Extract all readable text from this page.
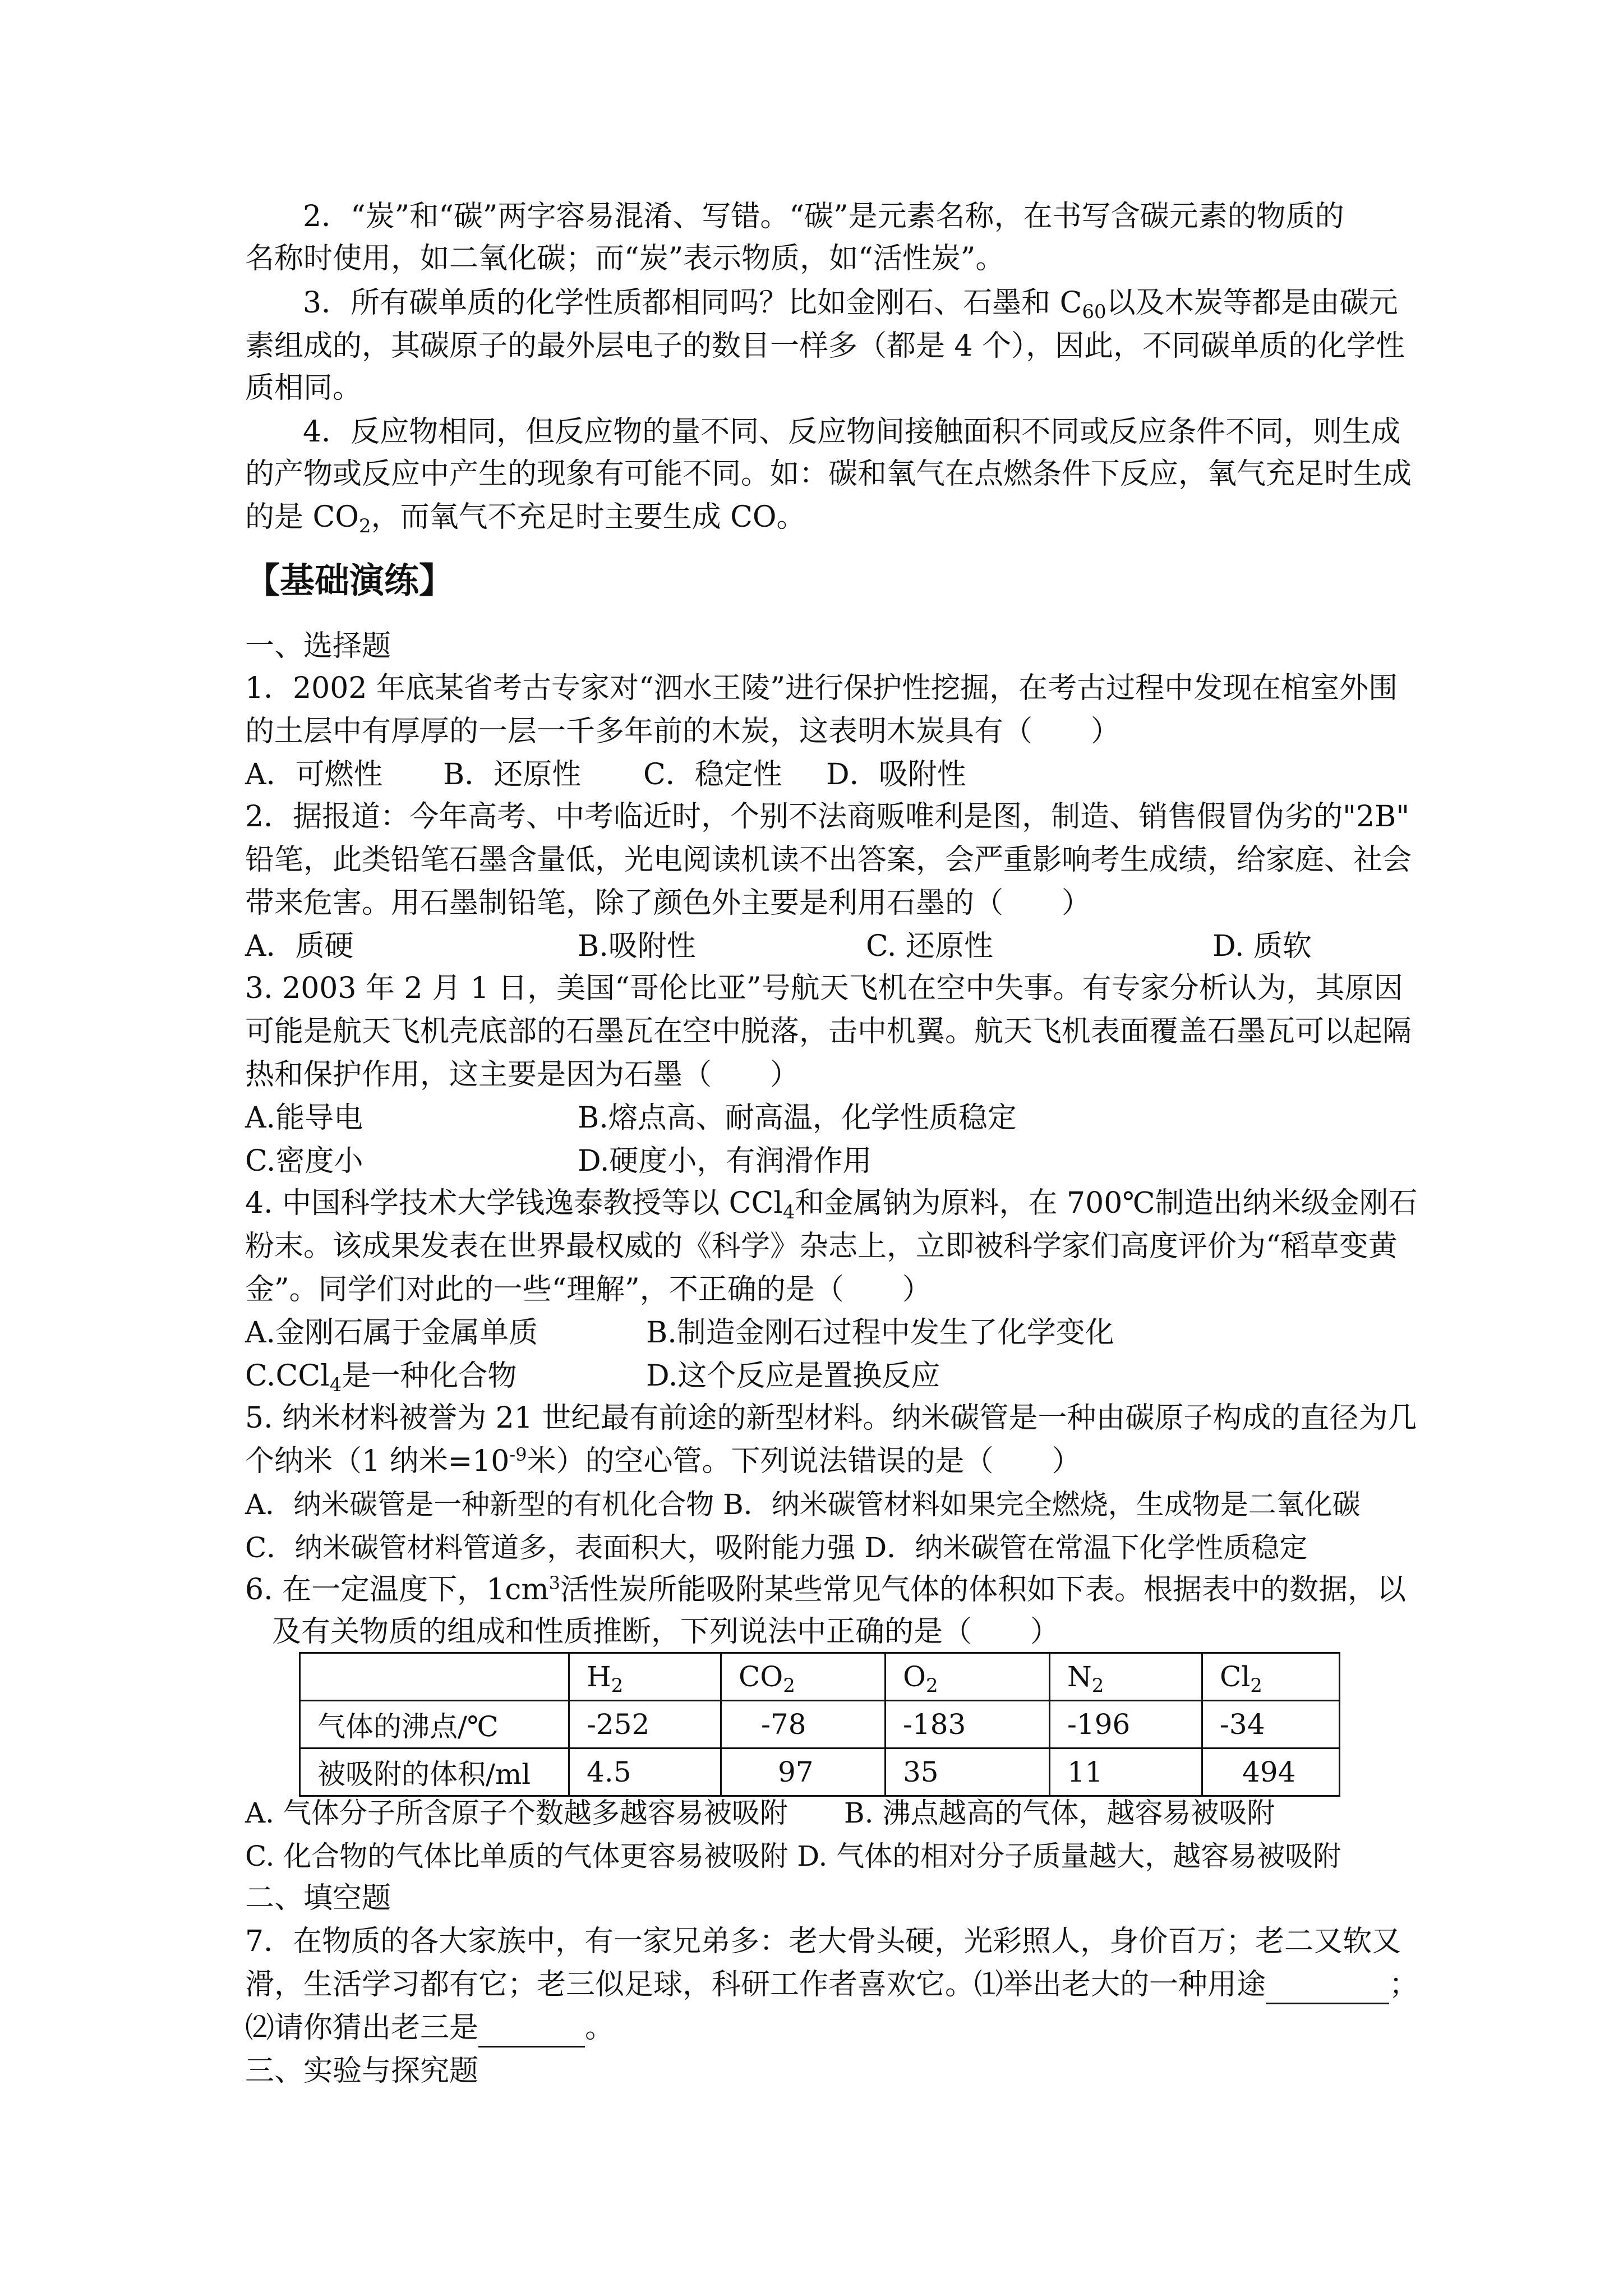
2．“炭”和“碳”两字容易混淆、写错。“碳”是元素名称，在书写含碳元素的物质的
名称时使用，如二氧化碳；而“炭”表示物质，如“活性炭”。
3．所有碳单质的化学性质都相同吗？比如金刚石、石墨和 $C_{60}$以及木炭等都是由碳元
素组成的，其碳原子的最外层电子的数目一样多（都是 4 个），因此，不同碳单质的化学性
质相同。
4．反应物相同，但反应物的量不同、反应物间接触面积不同或反应条件不同，则生成
的产物或反应中产生的现象有可能不同。如：碳和氧气在点燃条件下反应，氧气充足时生成
的是 $CO_2$，而氧气不充足时主要生成 CO。
【基础演练】
一、选择题
1．2002 年底某省考古专家对“泗水王陵”进行保护性挖掘，在考古过程中发现在棺室外围
的土层中有厚厚的一层一千多年前的木炭，这表明木炭具有（　　）
A．可燃性 B．还原性 C．稳定性 D．吸附性
2．据报道：今年高考、中考临近时，个别不法商贩唯利是图，制造、销售假冒伪劣的"2B"
铅笔，此类铅笔石墨含量低，光电阅读机读不出答案，会严重影响考生成绩，给家庭、社会
带来危害。用石墨制铅笔，除了颜色外主要是利用石墨的（　　）
A．质硬	B.吸附性	C. 还原性	D. 质软
3. 2003 年 2 月 1 日，美国“哥伦比亚”号航天飞机在空中失事。有专家分析认为，其原因
可能是航天飞机壳底部的石墨瓦在空中脱落，击中机翼。航天飞机表面覆盖石墨瓦可以起隔
热和保护作用，这主要是因为石墨（　　）
A.能导电	B.熔点高、耐高温，化学性质稳定
C.密度小	D.硬度小，有润滑作用
4. 中国科学技术大学钱逸泰教授等以 CCl$_4$和金属钠为原料，在 700℃制造出纳米级金刚石
粉末。该成果发表在世界最权威的《科学》杂志上，立即被科学家们高度评价为“稻草变黄
金”。同学们对此的一些“理解”，不正确的是（　　）
A.金刚石属于金属单质	B.制造金刚石过程中发生了化学变化
C.CCl$_4$是一种化合物	D.这个反应是置换反应
5. 纳米材料被誉为 21 世纪最有前途的新型材料。纳米碳管是一种由碳原子构成的直径为几
个纳米（1 纳米$=10^{-9}$米）的空心管。下列说法错误的是（　　）
A．纳米碳管是一种新型的有机化合物 B．纳米碳管材料如果完全燃烧，生成物是二氧化碳
C．纳米碳管材料管道多，表面积大，吸附能力强 D．纳米碳管在常温下化学性质稳定
6. 在一定温度下，$1cm^3$活性炭所能吸附某些常见气体的体积如下表。根据表中的数据，以
及有关物质的组成和性质推断，下列说法中正确的是（　　）
	$H_2$	$CO_2$	$O_2$	$N_2$	$Cl_2$
气体的沸点/℃	-252	-78	-183	-196	-34
被吸附的体积/ml	4.5	97	35	11	494
A. 气体分子所含原子个数越多越容易被吸附　　B. 沸点越高的气体，越容易被吸附
C. 化合物的气体比单质的气体更容易被吸附 D. 气体的相对分子质量越大，越容易被吸附
二、填空题
7．在物质的各大家族中，有一家兄弟多：老大骨头硬，光彩照人，身价百万；老二又软又
滑，生活学习都有它；老三似足球，科研工作者喜欢它。⑴举出老大的一种用途	；
⑵请你猜出老三是	。
三、实验与探究题
